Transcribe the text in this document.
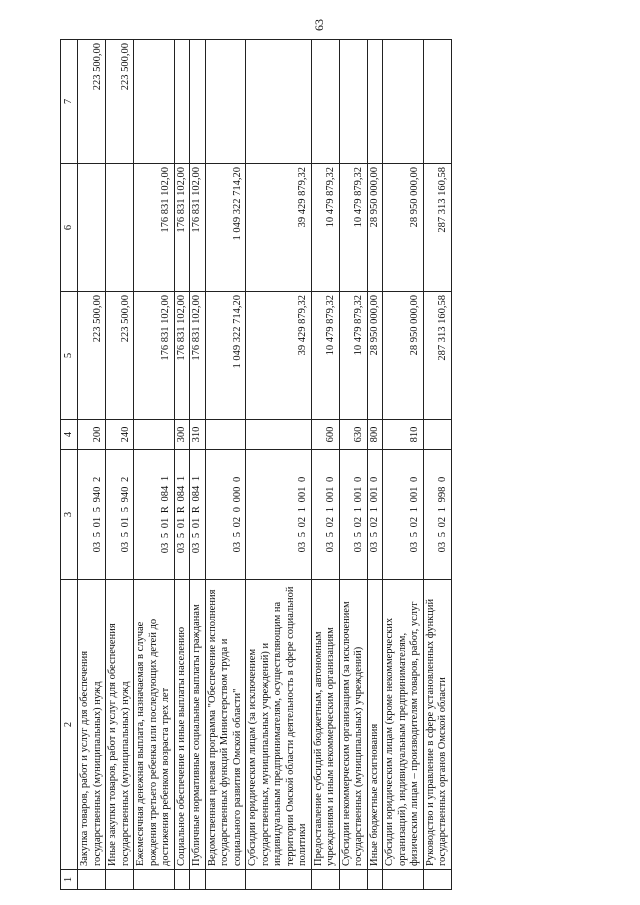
1	2	3	4	5	6	7
	Закупка товаров, работ и услуг для обеспечения государственных (муниципальных) нужд	03 5 01 5 940 2	200	223 500,00		223 500,00
	Иные закупки товаров, работ и услуг для обеспечения государственных (муниципальных) нужд	03 5 01 5 940 2	240	223 500,00		223 500,00
	Ежемесячная денежная выплата, назначаемая в случае рождения третьего ребенка или последующих детей до достижения ребенком возраста трех лет	03 5 01 R 084 1		176 831 102,00	176 831 102,00	
	Социальное обеспечение и иные выплаты населению	03 5 01 R 084 1	300	176 831 102,00	176 831 102,00	
	Публичные нормативные социальные выплаты гражданам	03 5 01 R 084 1	310	176 831 102,00	176 831 102,00	
	Ведомственная целевая программа "Обеспечение исполнения государственных функций Министерством труда и социального развития Омской области"	03 5 02 0 000 0		1 049 322 714,20	1 049 322 714,20	
	Субсидии юридическим лицам (за исключением государственных, муниципальных учреждений) и индивидуальным предпринимателям, осуществляющим на территории Омской области деятельность в сфере социальной политики	03 5 02 1 001 0		39 429 879,32	39 429 879,32	
	Предоставление субсидий бюджетным, автономным учреждениям и иным некоммерческим организациям	03 5 02 1 001 0	600	10 479 879,32	10 479 879,32	
	Субсидии некоммерческим организациям (за исключением государственных (муниципальных) учреждений)	03 5 02 1 001 0	630	10 479 879,32	10 479 879,32	
	Иные бюджетные ассигнования	03 5 02 1 001 0	800	28 950 000,00	28 950 000,00	
	Субсидии юридическим лицам (кроме некоммерческих организаций), индивидуальным предпринимателям, физическим лицам – производителям товаров, работ, услуг	03 5 02 1 001 0	810	28 950 000,00	28 950 000,00	
	Руководство и управление в сфере установленных функций государственных органов Омской области	03 5 02 1 998 0		287 313 160,58	287 313 160,58	
63
